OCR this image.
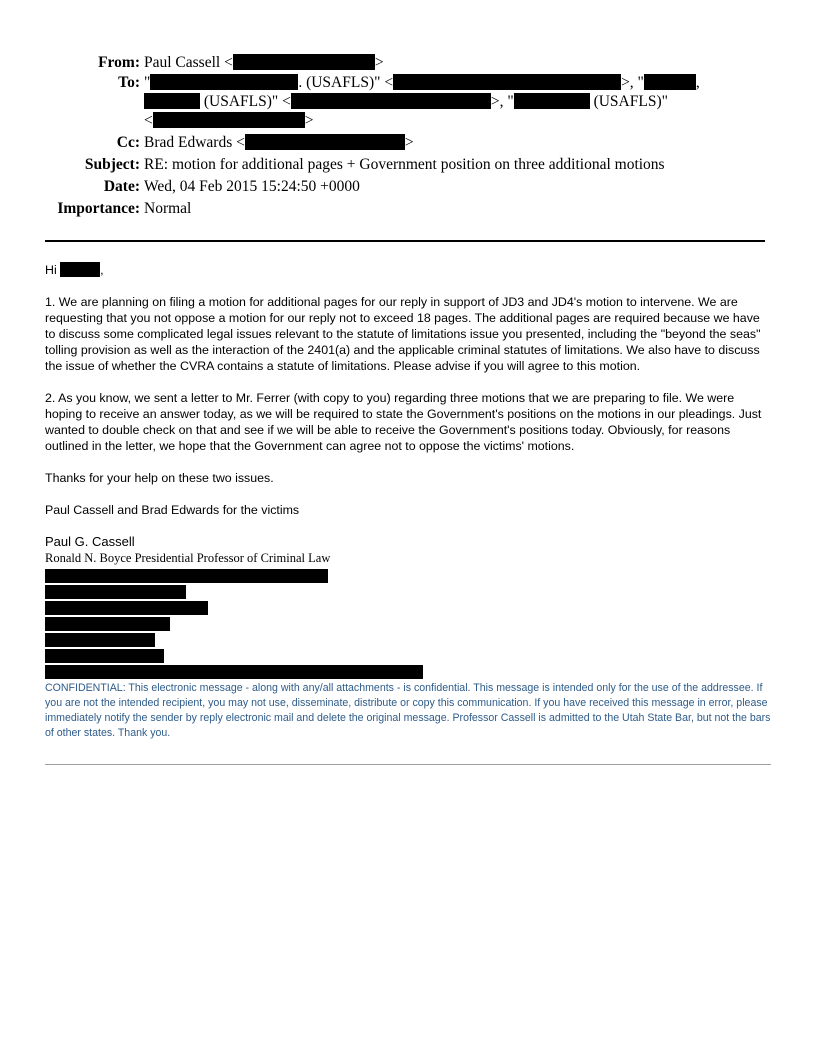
From: Paul Cassell <	>
To: "	. (USAFLS)" <	>, "	,
(USAFLS)" <	>, "	(USAFLS)"
<	>
Cc: Brad Edwards <	>
Subject: RE: motion for additional pages + Government position on three additional motions
Date: Wed, 04 Feb 2015 15:24:50 +0000
Importance: Normal

Hi	,

1. We are planning on filing a motion for additional pages for our reply in support of JD3 and JD4's motion to intervene. We are requesting that you not oppose a motion for our reply not to exceed 18 pages. The additional pages are required because we have to discuss some complicated legal issues relevant to the statute of limitations issue you presented, including the "beyond the seas" tolling provision as well as the interaction of the 2401(a) and the applicable criminal statutes of limitations. We also have to discuss the issue of whether the CVRA contains a statute of limitations. Please advise if you will agree to this motion.

2. As you know, we sent a letter to Mr. Ferrer (with copy to you) regarding three motions that we are preparing to file. We were hoping to receive an answer today, as we will be required to state the Government's positions on the motions in our pleadings. Just wanted to double check on that and see if we will be able to receive the Government's positions today. Obviously, for reasons outlined in the letter, we hope that the Government can agree not to oppose the victims' motions.

Thanks for your help on these two issues.

Paul Cassell and Brad Edwards for the victims

Paul G. Cassell
Ronald N. Boyce Presidential Professor of Criminal Law
CONFIDENTIAL: This electronic message - along with any/all attachments - is confidential. This message is intended only for the use of the addressee. If you are not the intended recipient, you may not use, disseminate, distribute or copy this communication. If you have received this message in error, please immediately notify the sender by reply electronic mail and delete the original message. Professor Cassell is admitted to the Utah State Bar, but not the bars of other states. Thank you.
